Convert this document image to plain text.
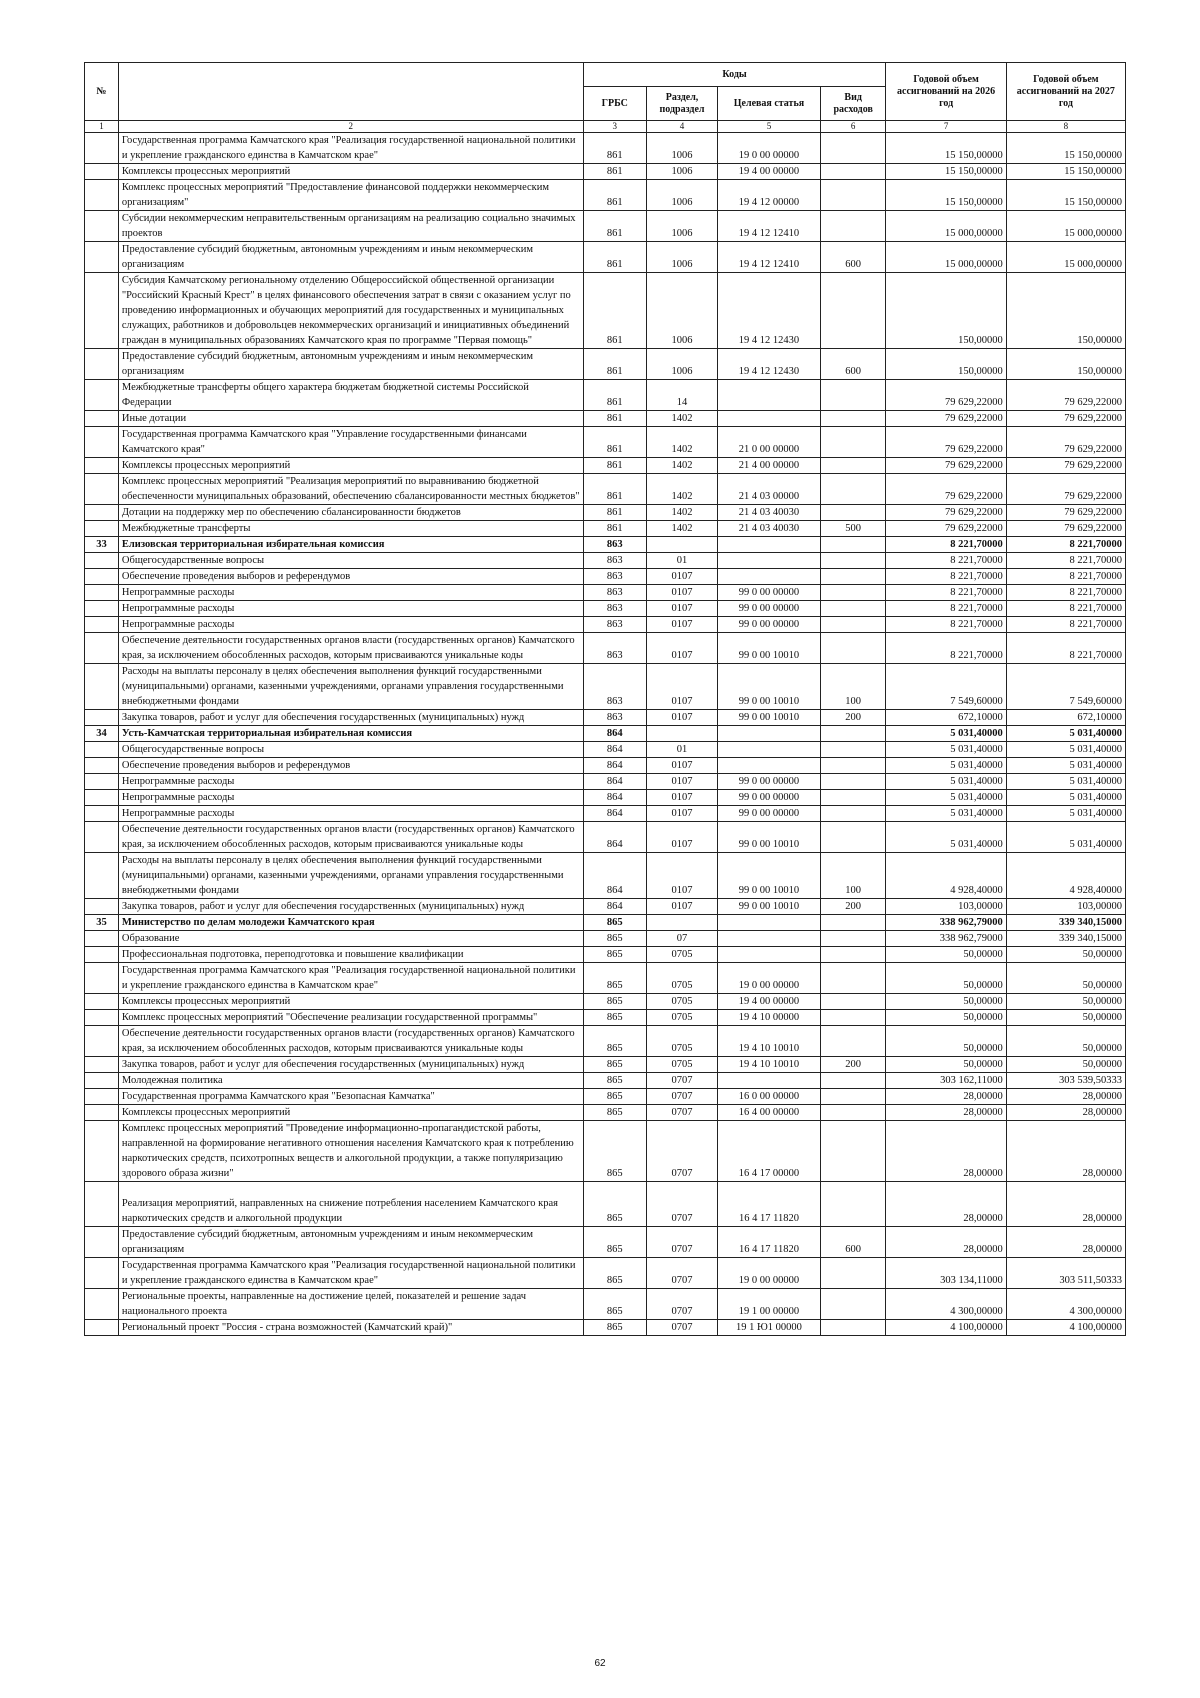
№		Коды				Годовой объем ассигнований на 2026 год	Годовой объем ассигнований на 2027 год
		ГРБС	Раздел, подраздел	Целевая статья	Вид расходов		
1	2	3	4	5	6	7	8
	Государственная программа Камчатского края "Реализация государственной национальной политики и укрепление гражданского единства в Камчатском крае"	861	1006	19 0 00 00000		15 150,00000	15 150,00000
	Комплексы процессных мероприятий	861	1006	19 4 00 00000		15 150,00000	15 150,00000
	Комплекс процессных мероприятий "Предоставление финансовой поддержки некоммерческим организациям"	861	1006	19 4 12 00000		15 150,00000	15 150,00000
	Субсидии некоммерческим неправительственным организациям на реализацию социально значимых проектов	861	1006	19 4 12 12410		15 000,00000	15 000,00000
	Предоставление субсидий бюджетным, автономным учреждениям и иным некоммерческим организациям	861	1006	19 4 12 12410	600	15 000,00000	15 000,00000
	Субсидия Камчатскому региональному отделению Общероссийской общественной организации "Российский Красный Крест" в целях финансового обеспечения затрат в связи с оказанием услуг по проведению информационных и обучающих мероприятий для государственных и муниципальных служащих, работников и добровольцев некоммерческих организаций и инициативных объединений граждан в муниципальных образованиях Камчатского края по программе "Первая помощь"	861	1006	19 4 12 12430		150,00000	150,00000
	Предоставление субсидий бюджетным, автономным учреждениям и иным некоммерческим организациям	861	1006	19 4 12 12430	600	150,00000	150,00000
	Межбюджетные трансферты общего характера бюджетам бюджетной системы Российской Федерации	861	14			79 629,22000	79 629,22000
	Иные дотации	861	1402			79 629,22000	79 629,22000
	Государственная программа Камчатского края "Управление государственными финансами Камчатского края"	861	1402	21 0 00 00000		79 629,22000	79 629,22000
	Комплексы процессных мероприятий	861	1402	21 4 00 00000		79 629,22000	79 629,22000
	Комплекс процессных мероприятий "Реализация мероприятий по выравниванию бюджетной обеспеченности муниципальных образований, обеспечению сбалансированности местных бюджетов"	861	1402	21 4 03 00000		79 629,22000	79 629,22000
	Дотации на поддержку мер по обеспечению сбалансированности бюджетов	861	1402	21 4 03 40030		79 629,22000	79 629,22000
	Межбюджетные трансферты	861	1402	21 4 03 40030	500	79 629,22000	79 629,22000
33	Елизовская территориальная избирательная комиссия	863				8 221,70000	8 221,70000
	Общегосударственные вопросы	863	01			8 221,70000	8 221,70000
	Обеспечение проведения выборов и референдумов	863	0107			8 221,70000	8 221,70000
	Непрограммные расходы	863	0107	99 0 00 00000		8 221,70000	8 221,70000
	Непрограммные расходы	863	0107	99 0 00 00000		8 221,70000	8 221,70000
	Непрограммные расходы	863	0107	99 0 00 00000		8 221,70000	8 221,70000
	Обеспечение деятельности государственных органов власти (государственных органов) Камчатского края, за исключением обособленных расходов, которым присваиваются уникальные коды	863	0107	99 0 00 10010		8 221,70000	8 221,70000
	Расходы на выплаты персоналу в целях обеспечения выполнения функций государственными (муниципальными) органами, казенными учреждениями, органами управления государственными внебюджетными фондами	863	0107	99 0 00 10010	100	7 549,60000	7 549,60000
	Закупка товаров, работ и услуг для обеспечения государственных (муниципальных) нужд	863	0107	99 0 00 10010	200	672,10000	672,10000
34	Усть-Камчатская территориальная избирательная комиссия	864				5 031,40000	5 031,40000
	Общегосударственные вопросы	864	01			5 031,40000	5 031,40000
	Обеспечение проведения выборов и референдумов	864	0107			5 031,40000	5 031,40000
	Непрограммные расходы	864	0107	99 0 00 00000		5 031,40000	5 031,40000
	Непрограммные расходы	864	0107	99 0 00 00000		5 031,40000	5 031,40000
	Непрограммные расходы	864	0107	99 0 00 00000		5 031,40000	5 031,40000
	Обеспечение деятельности государственных органов власти (государственных органов) Камчатского края, за исключением обособленных расходов, которым присваиваются уникальные коды	864	0107	99 0 00 10010		5 031,40000	5 031,40000
	Расходы на выплаты персоналу в целях обеспечения выполнения функций государственными (муниципальными) органами, казенными учреждениями, органами управления государственными внебюджетными фондами	864	0107	99 0 00 10010	100	4 928,40000	4 928,40000
	Закупка товаров, работ и услуг для обеспечения государственных (муниципальных) нужд	864	0107	99 0 00 10010	200	103,00000	103,00000
35	Министерство по делам молодежи Камчатского края	865				338 962,79000	339 340,15000
	Образование	865	07			338 962,79000	339 340,15000
	Профессиональная подготовка, переподготовка и повышение квалификации	865	0705			50,00000	50,00000
	Государственная программа Камчатского края "Реализация государственной национальной политики и укрепление гражданского единства в Камчатском крае"	865	0705	19 0 00 00000		50,00000	50,00000
	Комплексы процессных мероприятий	865	0705	19 4 00 00000		50,00000	50,00000
	Комплекс процессных мероприятий "Обеспечение реализации государственной программы"	865	0705	19 4 10 00000		50,00000	50,00000
	Обеспечение деятельности государственных органов власти (государственных органов) Камчатского края, за исключением обособленных расходов, которым присваиваются уникальные коды	865	0705	19 4 10 10010		50,00000	50,00000
	Закупка товаров, работ и услуг для обеспечения государственных (муниципальных) нужд	865	0705	19 4 10 10010	200	50,00000	50,00000
	Молодежная политика	865	0707			303 162,11000	303 539,50333
	Государственная программа Камчатского края "Безопасная Камчатка"	865	0707	16 0 00 00000		28,00000	28,00000
	Комплексы процессных мероприятий	865	0707	16 4 00 00000		28,00000	28,00000
	Комплекс процессных мероприятий "Проведение информационно-пропагандистской работы, направленной на формирование негативного отношения населения Камчатского края к потреблению наркотических средств, психотропных веществ и алкогольной продукции, а также популяризацию здорового образа жизни"	865	0707	16 4 17 00000		28,00000	28,00000
	Реализация мероприятий, направленных на снижение потребления населением Камчатского края наркотических средств и алкогольной продукции	865	0707	16 4 17 11820		28,00000	28,00000
	Предоставление субсидий бюджетным, автономным учреждениям и иным некоммерческим организациям	865	0707	16 4 17 11820	600	28,00000	28,00000
	Государственная программа Камчатского края "Реализация государственной национальной политики и укрепление гражданского единства в Камчатском крае"	865	0707	19 0 00 00000		303 134,11000	303 511,50333
	Региональные проекты, направленные на достижение целей, показателей и решение задач национального проекта	865	0707	19 1 00 00000		4 300,00000	4 300,00000
	Региональный проект "Россия - страна возможностей (Камчатский край)"	865	0707	19 1 Ю1 00000		4 100,00000	4 100,00000
62
